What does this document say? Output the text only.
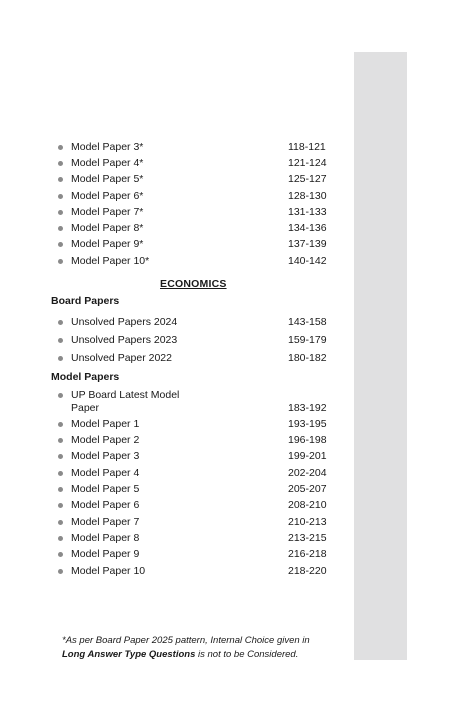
Model Paper 3*	118-121
Model Paper 4*	121-124
Model Paper 5*	125-127
Model Paper 6*	128-130
Model Paper 7*	131-133
Model Paper 8*	134-136
Model Paper 9*	137-139
Model Paper 10*	140-142
ECONOMICS
Board Papers
Unsolved Papers 2024	143-158
Unsolved Papers 2023	159-179
Unsolved Paper 2022	180-182
Model Papers
UP Board Latest Model
Paper	183-192
Model Paper 1	193-195
Model Paper 2	196-198
Model Paper 3	199-201
Model Paper 4	202-204
Model Paper 5	205-207
Model Paper 6	208-210
Model Paper 7	210-213
Model Paper 8	213-215
Model Paper 9	216-218
Model Paper 10	218-220
*As per Board Paper 2025 pattern, Internal Choice given in
Long Answer Type Questions is not to be Considered.
